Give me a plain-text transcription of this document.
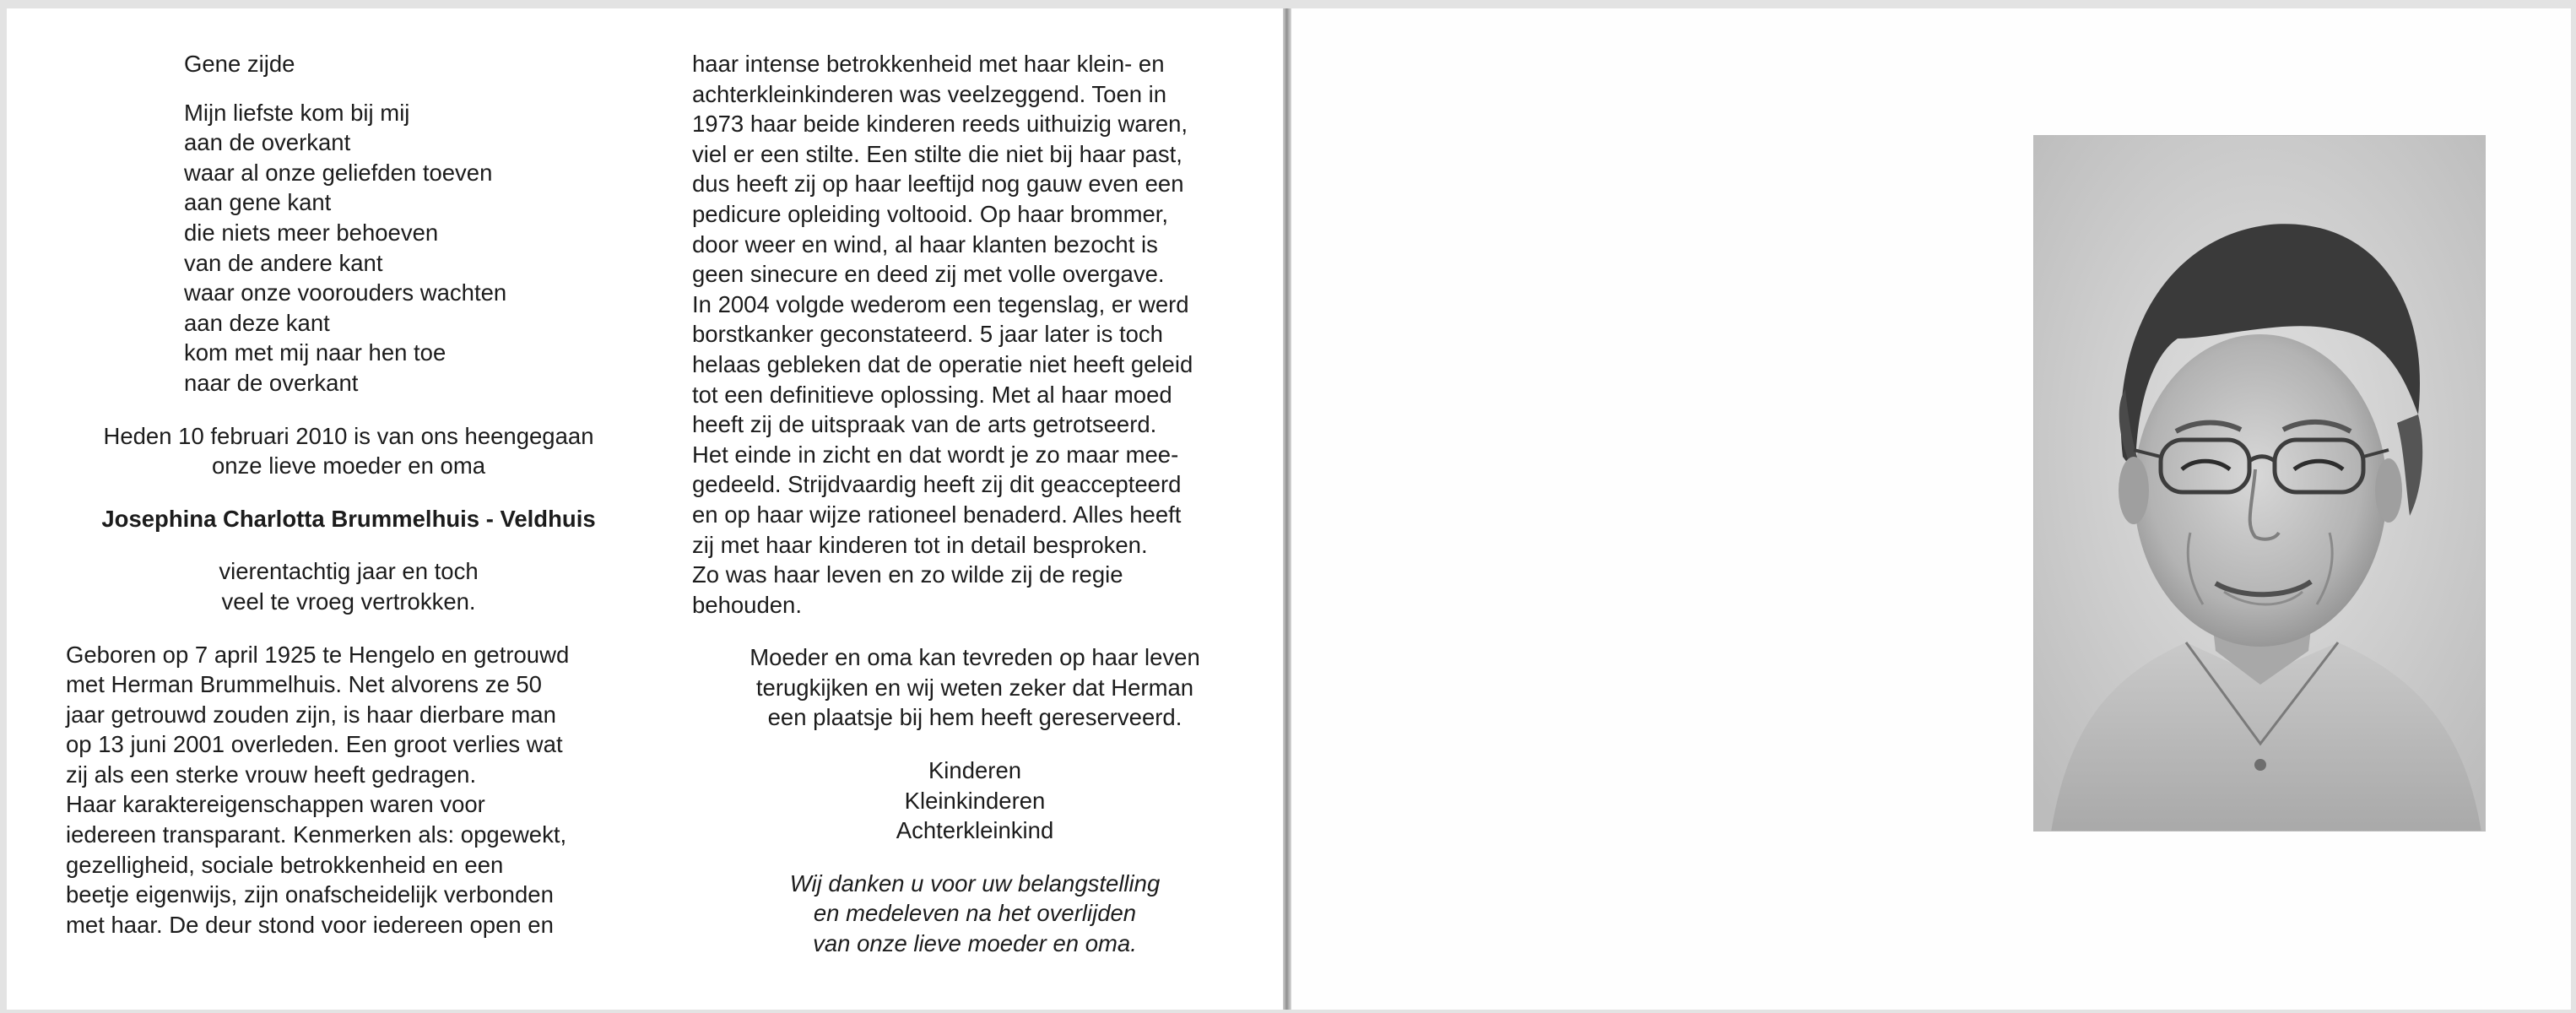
Gene zijde
Mijn liefste kom bij mij
aan de overkant
waar al onze geliefden toeven
aan gene kant
die niets meer behoeven
van de andere kant
waar onze voorouders wachten
aan deze kant
kom met mij naar hen toe
naar de overkant
Heden 10 februari 2010 is van ons heengegaan
onze lieve moeder en oma
Josephina Charlotta Brummelhuis - Veldhuis
vierentachtig jaar en toch
veel te vroeg vertrokken.
Geboren op 7 april 1925 te Hengelo en getrouwd
met Herman Brummelhuis. Net alvorens ze 50
jaar getrouwd zouden zijn, is haar dierbare man
op 13 juni 2001 overleden. Een groot verlies wat
zij als een sterke vrouw heeft gedragen.
Haar karaktereigenschappen waren voor
iedereen transparant. Kenmerken als: opgewekt,
gezelligheid, sociale betrokkenheid en een
beetje eigenwijs, zijn onafscheidelijk verbonden
met haar. De deur stond voor iedereen open en
haar intense betrokkenheid met haar klein- en
achterkleinkinderen was veelzeggend. Toen in
1973 haar beide kinderen reeds uithuizig waren,
viel er een stilte. Een stilte die niet bij haar past,
dus heeft zij op haar leeftijd nog gauw even een
pedicure opleiding voltooid. Op haar brommer,
door weer en wind, al haar klanten bezocht is
geen sinecure en deed zij met volle overgave.
In 2004 volgde wederom een tegenslag, er werd
borstkanker geconstateerd. 5 jaar later is toch
helaas gebleken dat de operatie niet heeft geleid
tot een definitieve oplossing. Met al haar moed
heeft zij de uitspraak van de arts getrotseerd.
Het einde in zicht en dat wordt je zo maar mee-
gedeeld. Strijdvaardig heeft zij dit geaccepteerd
en op haar wijze rationeel benaderd. Alles heeft
zij met haar kinderen tot in detail besproken.
Zo was haar leven en zo wilde zij de regie
behouden.
Moeder en oma kan tevreden op haar leven
terugkijken en wij weten zeker dat Herman
een plaatsje bij hem heeft gereserveerd.
Kinderen
Kleinkinderen
Achterkleinkind
Wij danken u voor uw belangstelling
en medeleven na het overlijden
van onze lieve moeder en oma.
